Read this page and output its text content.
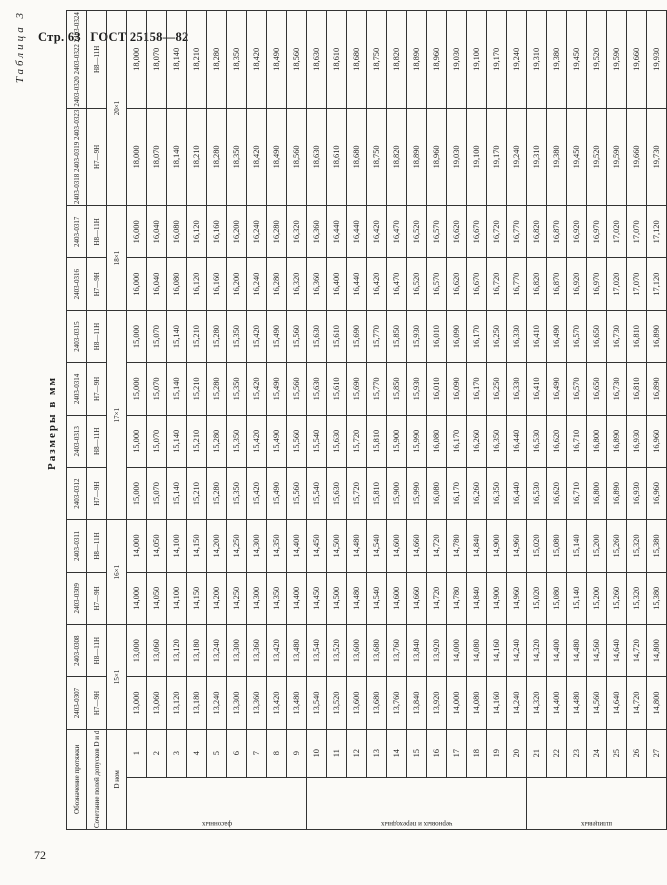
Стр. 63 ГОСТ 25158—82
Таблица 3
Размеры в мм
Обозначение протяжки		2403-0307	2403-0308	2403-0309	2403-0311	2403-0312	2403-0313	2403-0314	2403-0315	2403-0316	2403-0317	2403-0318 2403-0319 2403-0323	2403-0320 2403-0322 2403-0324
Сочетание полей допусков D и d		H7—9H	H8—11H	H7—9H	H8—11H	H7—9H	H8—11H	H7—9H	H8—11H	H7—9H	H8—11H	H7—9H	H8—11H
D ном		15×1		16×1		17×1				18×1		20×1	

фасонных	1	13,000	13,000	14,000	14,000	15,000	15,000	15,000	15,000	16,000	16,000	18,000	18,000
	2	13,060	13,060	14,050	14,050	15,070	15,070	15,070	15,070	16,040	16,040	18,070	18,070
	3	13,120	13,120	14,100	14,100	15,140	15,140	15,140	15,140	16,080	16,080	18,140	18,140
	4	13,180	13,180	14,150	14,150	15,210	15,210	15,210	15,210	16,120	16,120	18,210	18,210
	5	13,240	13,240	14,200	14,200	15,280	15,280	15,280	15,280	16,160	16,160	18,280	18,280
	6	13,300	13,300	14,250	14,250	15,350	15,350	15,350	15,350	16,200	16,200	18,350	18,350
	7	13,360	13,360	14,300	14,300	15,420	15,420	15,420	15,420	16,240	16,240	18,420	18,420
	8	13,420	13,420	14,350	14,350	15,490	15,490	15,490	15,490	16,280	16,280	18,490	18,490
	9	13,480	13,480	14,400	14,400	15,560	15,560	15,560	15,560	16,320	16,320	18,560	18,560

черновых и переходных	10	13,540	13,540	14,450	14,450	15,540	15,540	15,630	15,630	16,360	16,360	18,630	18,630
	11	13,520	13,520	14,500	14,500	15,630	15,630	15,610	15,610	16,400	16,440	18,610	18,610
	12	13,600	13,600	14,480	14,480	15,720	15,720	15,690	15,690	16,440	16,440	18,680	18,680
	13	13,680	13,680	14,540	14,540	15,810	15,810	15,770	15,770	16,420	16,420	18,750	18,750
	14	13,760	13,760	14,600	14,600	15,900	15,900	15,850	15,850	16,470	16,470	18,820	18,820
	15	13,840	13,840	14,660	14,660	15,990	15,990	15,930	15,930	16,520	16,520	18,890	18,890
	16	13,920	13,920	14,720	14,720	16,080	16,080	16,010	16,010	16,570	16,570	18,960	18,960
	17	14,000	14,000	14,780	14,780	16,170	16,170	16,090	16,090	16,620	16,620	19,030	19,030
	18	14,080	14,080	14,840	14,840	16,260	16,260	16,170	16,170	16,670	16,670	19,100	19,100
	19	14,160	14,160	14,900	14,900	16,350	16,350	16,250	16,250	16,720	16,720	19,170	19,170
	20	14,240	14,240	14,960	14,960	16,440	16,440	16,330	16,330	16,770	16,770	19,240	19,240

шлицевых	21	14,320	14,320	15,020	15,020	16,530	16,530	16,410	16,410	16,820	16,820	19,310	19,310
	22	14,400	14,400	15,080	15,080	16,620	16,620	16,490	16,490	16,870	16,870	19,380	19,380
	23	14,480	14,480	15,140	15,140	16,710	16,710	16,570	16,570	16,920	16,920	19,450	19,450
	24	14,560	14,560	15,200	15,200	16,800	16,800	16,650	16,650	16,970	16,970	19,520	19,520
	25	14,640	14,640	15,260	15,260	16,890	16,890	16,730	16,730	17,020	17,020	19,590	19,590
	26	14,720	14,720	15,320	15,320	16,930	16,930	16,810	16,810	17,070	17,070	19,660	19,660
	27	14,800	14,800	15,380	15,380	16,960	16,960	16,890	16,890	17,120	17,120	19,730	19,930
72
